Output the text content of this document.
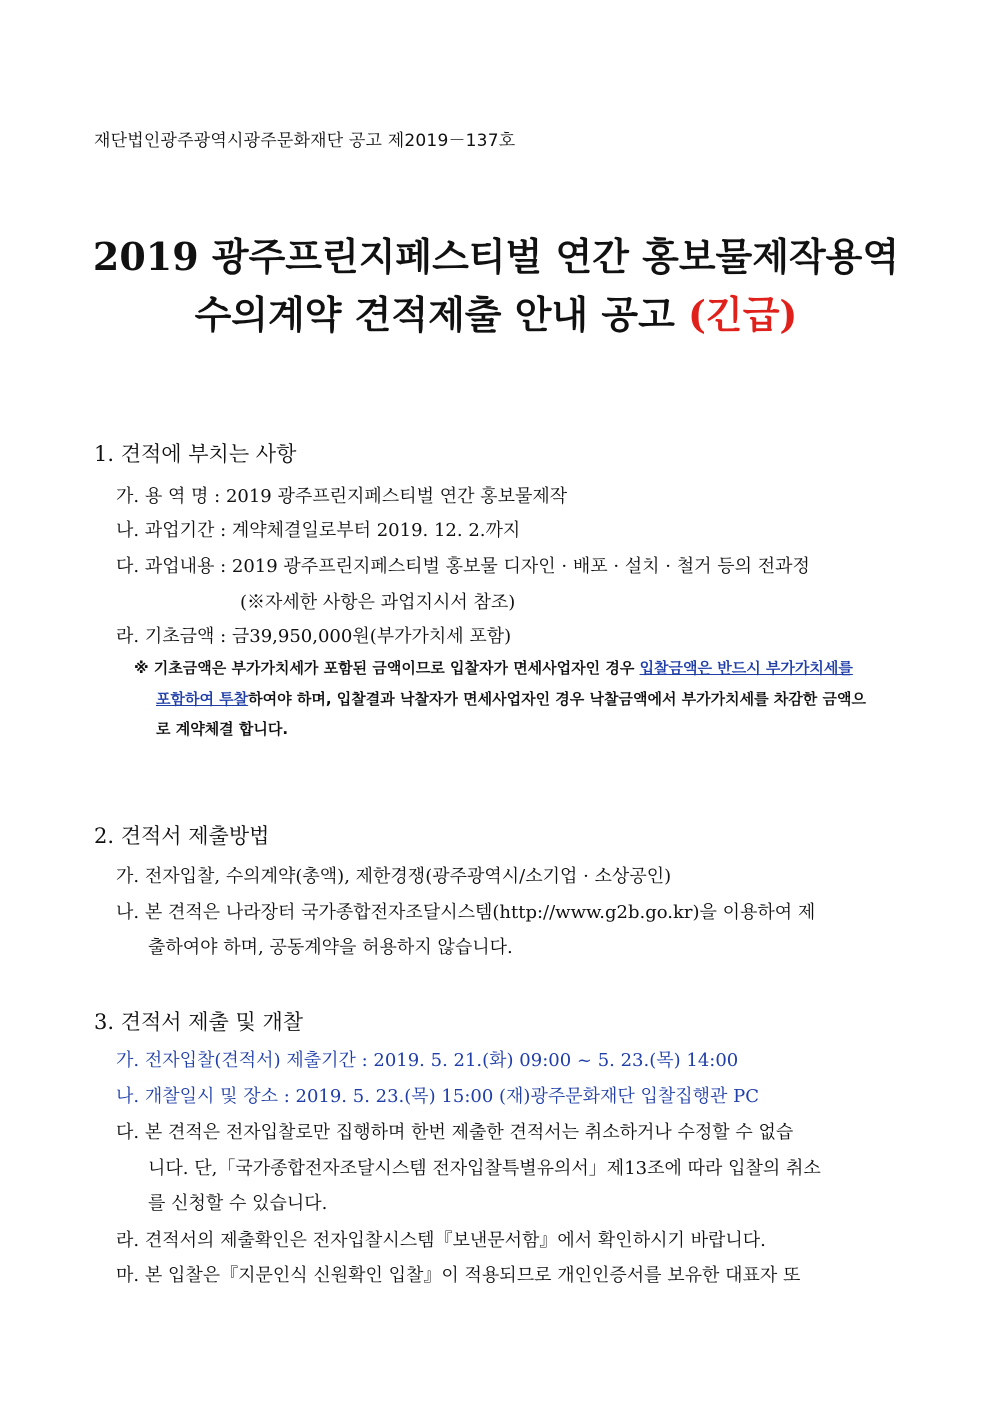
재단법인광주광역시광주문화재단 공고 제2019－137호
2019 광주프린지페스티벌 연간 홍보물제작용역
수의계약 견적제출 안내 공고 (긴급)
1. 견적에 부치는 사항
가. 용 역 명 : 2019 광주프린지페스티벌 연간 홍보물제작
나. 과업기간 : 계약체결일로부터 2019. 12. 2.까지
다. 과업내용 : 2019 광주프린지페스티벌 홍보물 디자인 · 배포 · 설치 · 철거 등의 전과정
(※자세한 사항은 과업지시서 참조)
라. 기초금액 : 금39,950,000원(부가가치세 포함)
※ 기초금액은 부가가치세가 포함된 금액이므로 입찰자가 면세사업자인 경우 입찰금액은 반드시 부가가치세를
포함하여 투찰하여야 하며, 입찰결과 낙찰자가 면세사업자인 경우 낙찰금액에서 부가가치세를 차감한 금액으
로 계약체결 합니다.
2. 견적서 제출방법
가. 전자입찰, 수의계약(총액), 제한경쟁(광주광역시/소기업 · 소상공인)
나. 본 견적은 나라장터 국가종합전자조달시스템(http://www.g2b.go.kr)을 이용하여 제
출하여야 하며, 공동계약을 허용하지 않습니다.
3. 견적서 제출 및 개찰
가. 전자입찰(견적서) 제출기간 : 2019. 5. 21.(화) 09:00 ~ 5. 23.(목) 14:00
나. 개찰일시 및 장소 : 2019. 5. 23.(목) 15:00 (재)광주문화재단 입찰집행관 PC
다. 본 견적은 전자입찰로만 집행하며 한번 제출한 견적서는 취소하거나 수정할 수 없습
니다. 단,「국가종합전자조달시스템 전자입찰특별유의서」제13조에 따라 입찰의 취소
를 신청할 수 있습니다.
라. 견적서의 제출확인은 전자입찰시스템『보낸문서함』에서 확인하시기 바랍니다.
마. 본 입찰은『지문인식 신원확인 입찰』이 적용되므로 개인인증서를 보유한 대표자 또
